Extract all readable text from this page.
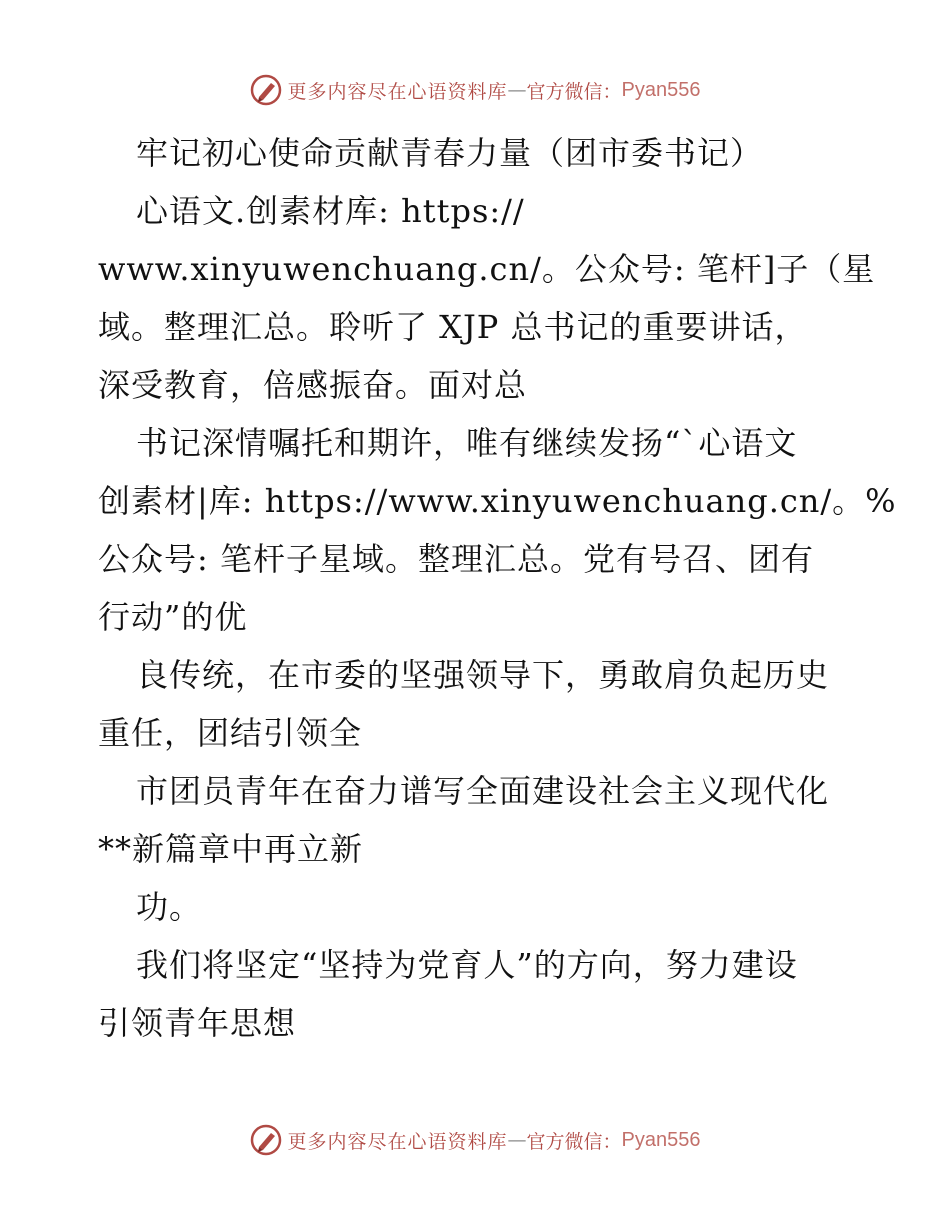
更多内容尽在心语资料库 — 官方微信： Pyan556
牢记初心使命贡献青春力量（团市委书记）
心语文.创素材库: https://
www.xinyuwenchuang.cn/。公众号: 笔杆]子（星
域。整理汇总。聆听了 XJP 总书记的重要讲话，
深受教育，倍感振奋。面对总
书记深情嘱托和期许，唯有继续发扬“`心语文
创素材|库: https://www.xinyuwenchuang.cn/。%
公众号: 笔杆子星域。整理汇总。党有号召、团有
行动”的优
良传统，在市委的坚强领导下，勇敢肩负起历史
重任，团结引领全
市团员青年在奋力谱写全面建设社会主义现代化
**新篇章中再立新
功。
我们将坚定“坚持为党育人”的方向，努力建设
引领青年思想
更多内容尽在心语资料库 — 官方微信： Pyan556
